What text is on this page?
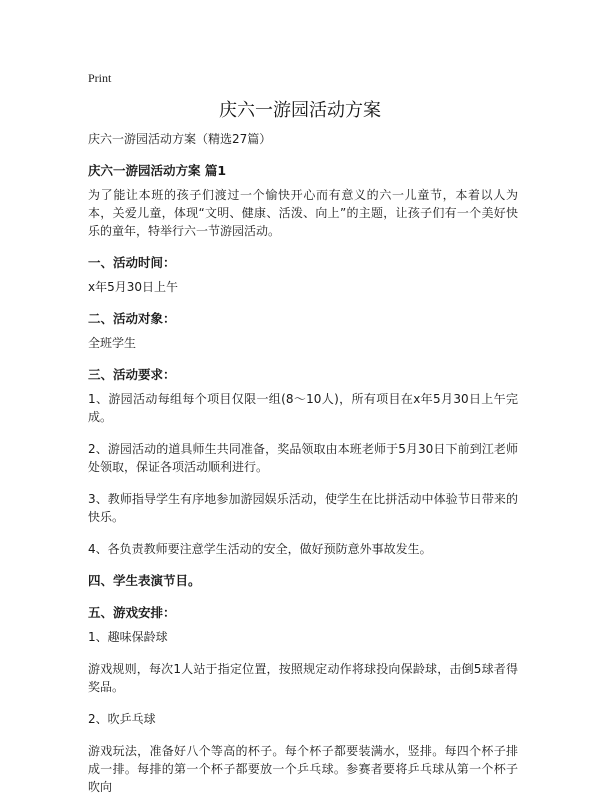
Print
庆六一游园活动方案

庆六一游园活动方案（精选27篇）

庆六一游园活动方案 篇1

为了能让本班的孩子们渡过一个愉快开心而有意义的六一儿童节，本着以人为本，关爱儿童，体现“文明、健康、活泼、向上”的主题，让孩子们有一个美好快乐的童年，特举行六一节游园活动。

一、活动时间：

x年5月30日上午

二、活动对象：

全班学生

三、活动要求：

1、游园活动每组每个项目仅限一组(8～10人)，所有项目在x年5月30日上午完成。

2、游园活动的道具师生共同准备，奖品领取由本班老师于5月30日下前到江老师处领取，保证各项活动顺利进行。

3、教师指导学生有序地参加游园娱乐活动，使学生在比拼活动中体验节日带来的快乐。

4、各负责教师要注意学生活动的安全，做好预防意外事故发生。

四、学生表演节目。

五、游戏安排：

1、趣味保龄球

游戏规则，每次1人站于指定位置，按照规定动作将球投向保龄球，击倒5球者得奖品。

2、吹乒乓球

游戏玩法，准备好八个等高的杯子。每个杯子都要装满水，竖排。每四个杯子排成一排。每排的第一个杯子都要放一个乒乓球。参赛者要将乒乓球从第一个杯子吹向
